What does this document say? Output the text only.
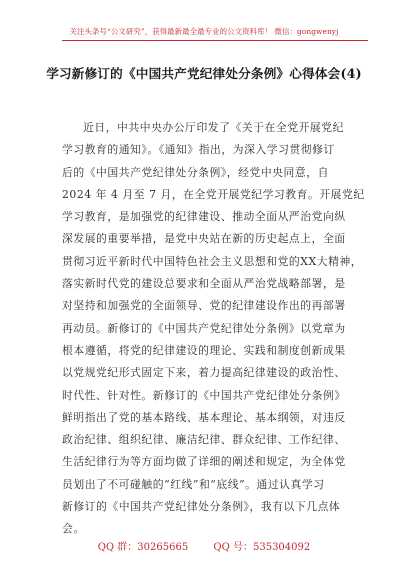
关注头条号“公文研究”，获得最新最全最专业的公文资料库！ 微信：gongwenyj
学习新修订的《中国共产党纪律处分条例》心得体会(4)
近日，中共中央办公厅印发了《关于在全党开展党纪
学习教育的通知》。《通知》指出，为深入学习贯彻修订
后的《中国共产党纪律处分条例》，经党中央同意，自
2024 年 4 月至 7 月，在全党开展党纪学习教育。开展党纪
学习教育，是加强党的纪律建设、推动全面从严治党向纵
深发展的重要举措，是党中央站在新的历史起点上，全面
贯彻习近平新时代中国特色社会主义思想和党的XX大精神，
落实新时代党的建设总要求和全面从严治党战略部署，是
对坚持和加强党的全面领导、党的纪律建设作出的再部署
再动员。新修订的《中国共产党纪律处分条例》以党章为
根本遵循，将党的纪律建设的理论、实践和制度创新成果
以党规党纪形式固定下来，着力提高纪律建设的政治性、
时代性、针对性。新修订的《中国共产党纪律处分条例》
鲜明指出了党的基本路线、基本理论、基本纲领，对违反
政治纪律、组织纪律、廉洁纪律、群众纪律、工作纪律、
生活纪律行为等方面均做了详细的阐述和规定，为全体党
员划出了不可碰触的“红线”和“底线”。通过认真学习
新修订的《中国共产党纪律处分条例》，我有以下几点体
会。
QQ 群：30265665	QQ 号：535304092
